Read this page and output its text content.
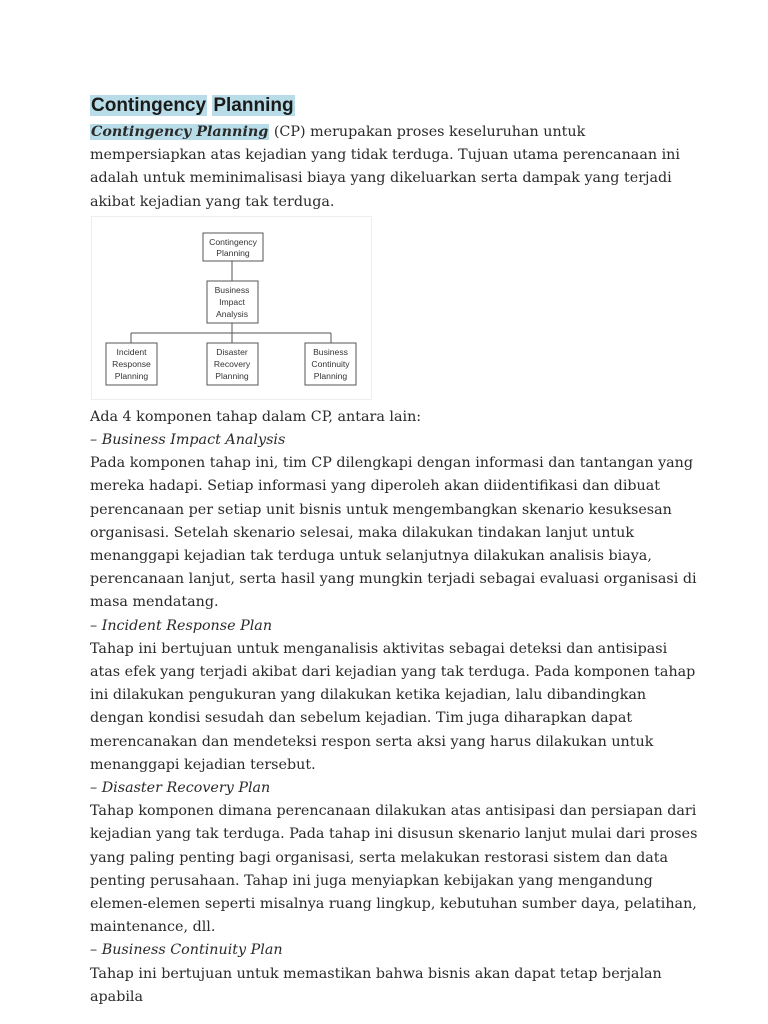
Contingency Planning

Contingency Planning (CP) merupakan proses keseluruhan untuk mempersiapkan atas kejadian yang tidak terduga. Tujuan utama perencanaan ini adalah untuk meminimalisasi biaya yang dikeluarkan serta dampak yang terjadi akibat kejadian yang tak terduga.

Contingency
Planning
Business
Impact
Analysis
Incident
Response
Planning
Disaster
Recovery
Planning
Business
Continuity
Planning

Ada 4 komponen tahap dalam CP, antara lain:

– Business Impact Analysis

Pada komponen tahap ini, tim CP dilengkapi dengan informasi dan tantangan yang mereka hadapi. Setiap informasi yang diperoleh akan diidentifikasi dan dibuat perencanaan per setiap unit bisnis untuk mengembangkan skenario kesuksesan organisasi. Setelah skenario selesai, maka dilakukan tindakan lanjut untuk menanggapi kejadian tak terduga untuk selanjutnya dilakukan analisis biaya, perencanaan lanjut, serta hasil yang mungkin terjadi sebagai evaluasi organisasi di masa mendatang.

– Incident Response Plan

Tahap ini bertujuan untuk menganalisis aktivitas sebagai deteksi dan antisipasi atas efek yang terjadi akibat dari kejadian yang tak terduga. Pada komponen tahap ini dilakukan pengukuran yang dilakukan ketika kejadian, lalu dibandingkan dengan kondisi sesudah dan sebelum kejadian. Tim juga diharapkan dapat merencanakan dan mendeteksi respon serta aksi yang harus dilakukan untuk menanggapi kejadian tersebut.

– Disaster Recovery Plan

Tahap komponen dimana perencanaan dilakukan atas antisipasi dan persiapan dari kejadian yang tak terduga. Pada tahap ini disusun skenario lanjut mulai dari proses yang paling penting bagi organisasi, serta melakukan restorasi sistem dan data penting perusahaan. Tahap ini juga menyiapkan kebijakan yang mengandung elemen-elemen seperti misalnya ruang lingkup, kebutuhan sumber daya, pelatihan, maintenance, dll.

– Business Continuity Plan

Tahap ini bertujuan untuk memastikan bahwa bisnis akan dapat tetap berjalan apabila
